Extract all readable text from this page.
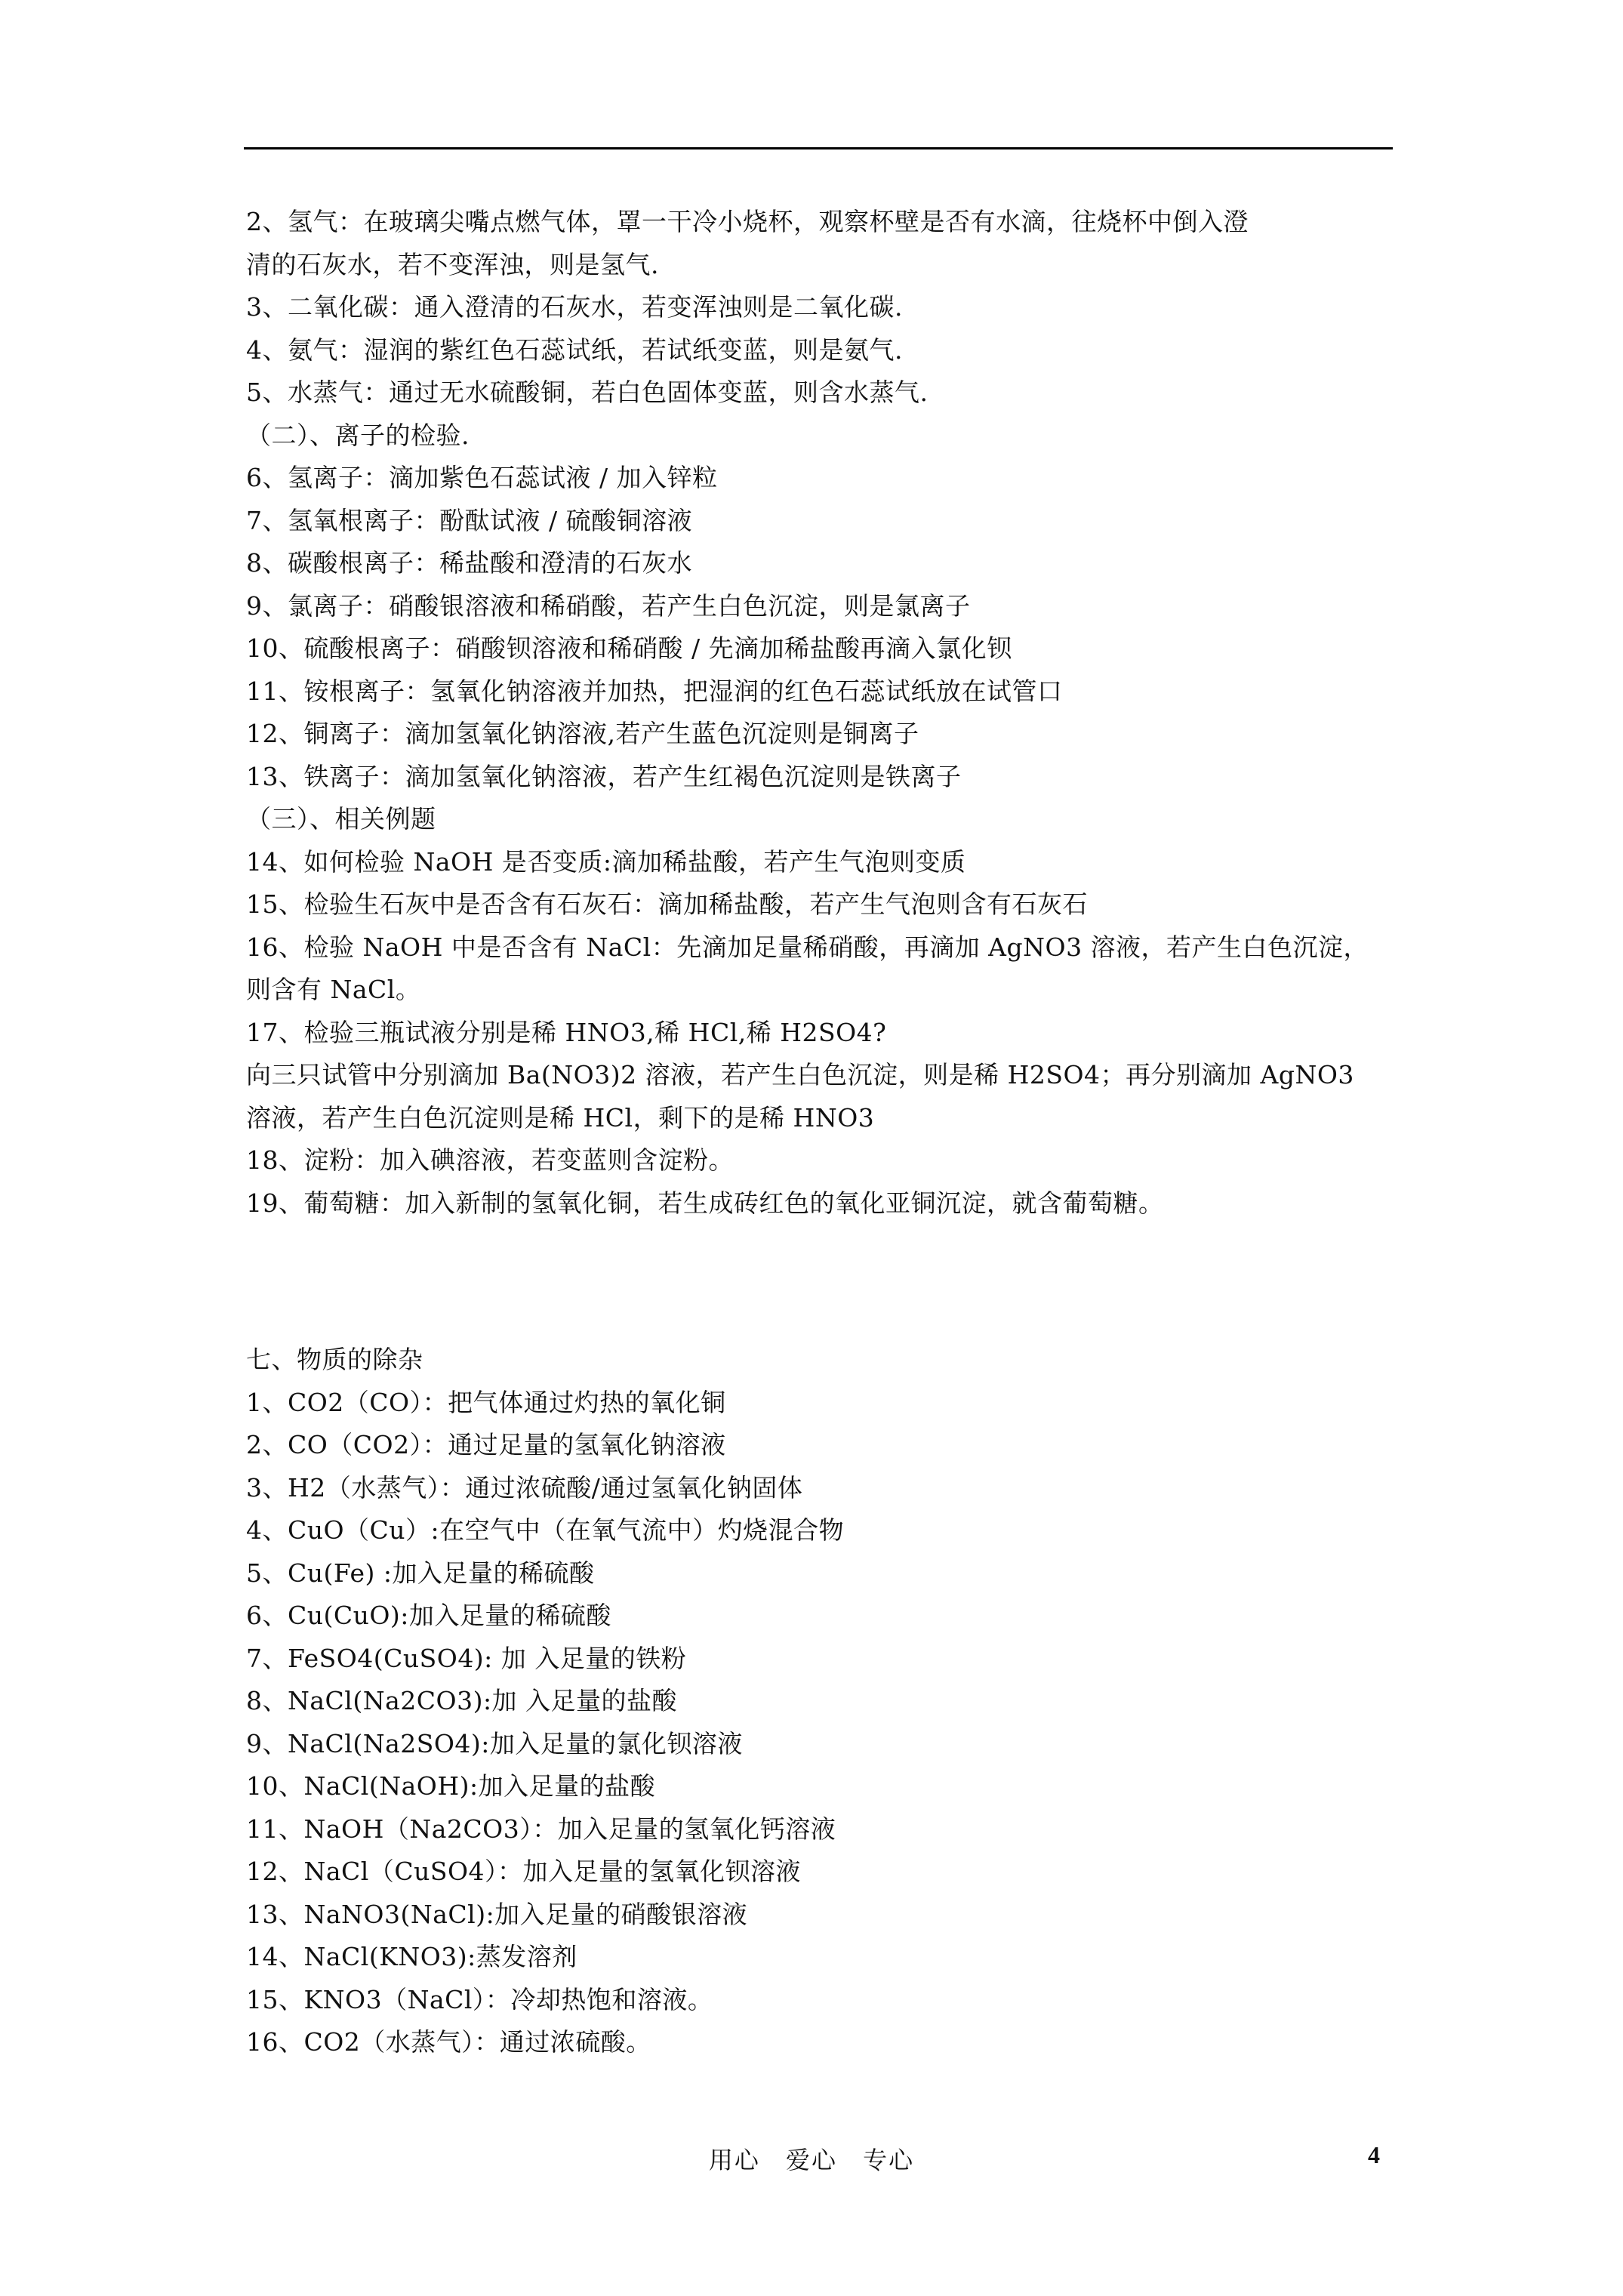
2、氢气：在玻璃尖嘴点燃气体，罩一干冷小烧杯，观察杯壁是否有水滴，往烧杯中倒入澄
清的石灰水，若不变浑浊，则是氢气.
3、二氧化碳：通入澄清的石灰水，若变浑浊则是二氧化碳.
4、氨气：湿润的紫红色石蕊试纸，若试纸变蓝，则是氨气.
5、水蒸气：通过无水硫酸铜，若白色固体变蓝，则含水蒸气.
（二）、离子的检验.
6、氢离子：滴加紫色石蕊试液 / 加入锌粒
7、氢氧根离子：酚酞试液 / 硫酸铜溶液
8、碳酸根离子：稀盐酸和澄清的石灰水
9、氯离子：硝酸银溶液和稀硝酸，若产生白色沉淀，则是氯离子
10、硫酸根离子：硝酸钡溶液和稀硝酸 / 先滴加稀盐酸再滴入氯化钡
11、铵根离子：氢氧化钠溶液并加热，把湿润的红色石蕊试纸放在试管口
12、铜离子：滴加氢氧化钠溶液,若产生蓝色沉淀则是铜离子
13、铁离子：滴加氢氧化钠溶液，若产生红褐色沉淀则是铁离子
（三）、相关例题
14、如何检验 NaOH 是否变质:滴加稀盐酸，若产生气泡则变质
15、检验生石灰中是否含有石灰石：滴加稀盐酸，若产生气泡则含有石灰石
16、检验 NaOH 中是否含有 NaCl：先滴加足量稀硝酸，再滴加 AgNO3 溶液，若产生白色沉淀，
则含有 NaCl。
17、检验三瓶试液分别是稀 HNO3,稀 HCl,稀 H2SO4?
向三只试管中分别滴加 Ba(NO3)2 溶液，若产生白色沉淀，则是稀 H2SO4；再分别滴加 AgNO3
溶液，若产生白色沉淀则是稀 HCl，剩下的是稀 HNO3
18、淀粉：加入碘溶液，若变蓝则含淀粉。
19、葡萄糖：加入新制的氢氧化铜，若生成砖红色的氧化亚铜沉淀，就含葡萄糖。
七、物质的除杂
1、CO2（CO）：把气体通过灼热的氧化铜
2、CO（CO2）：通过足量的氢氧化钠溶液
3、H2（水蒸气）：通过浓硫酸/通过氢氧化钠固体
4、CuO（Cu）:在空气中（在氧气流中）灼烧混合物
5、Cu(Fe) :加入足量的稀硫酸
6、Cu(CuO):加入足量的稀硫酸
7、FeSO4(CuSO4): 加 入足量的铁粉
8、NaCl(Na2CO3):加 入足量的盐酸
9、NaCl(Na2SO4):加入足量的氯化钡溶液
10、NaCl(NaOH):加入足量的盐酸
11、NaOH（Na2CO3）：加入足量的氢氧化钙溶液
12、NaCl（CuSO4）：加入足量的氢氧化钡溶液
13、NaNO3(NaCl):加入足量的硝酸银溶液
14、NaCl(KNO3):蒸发溶剂
15、KNO3（NaCl）：冷却热饱和溶液。
16、CO2（水蒸气）：通过浓硫酸。
用心 爱心 专心	4
